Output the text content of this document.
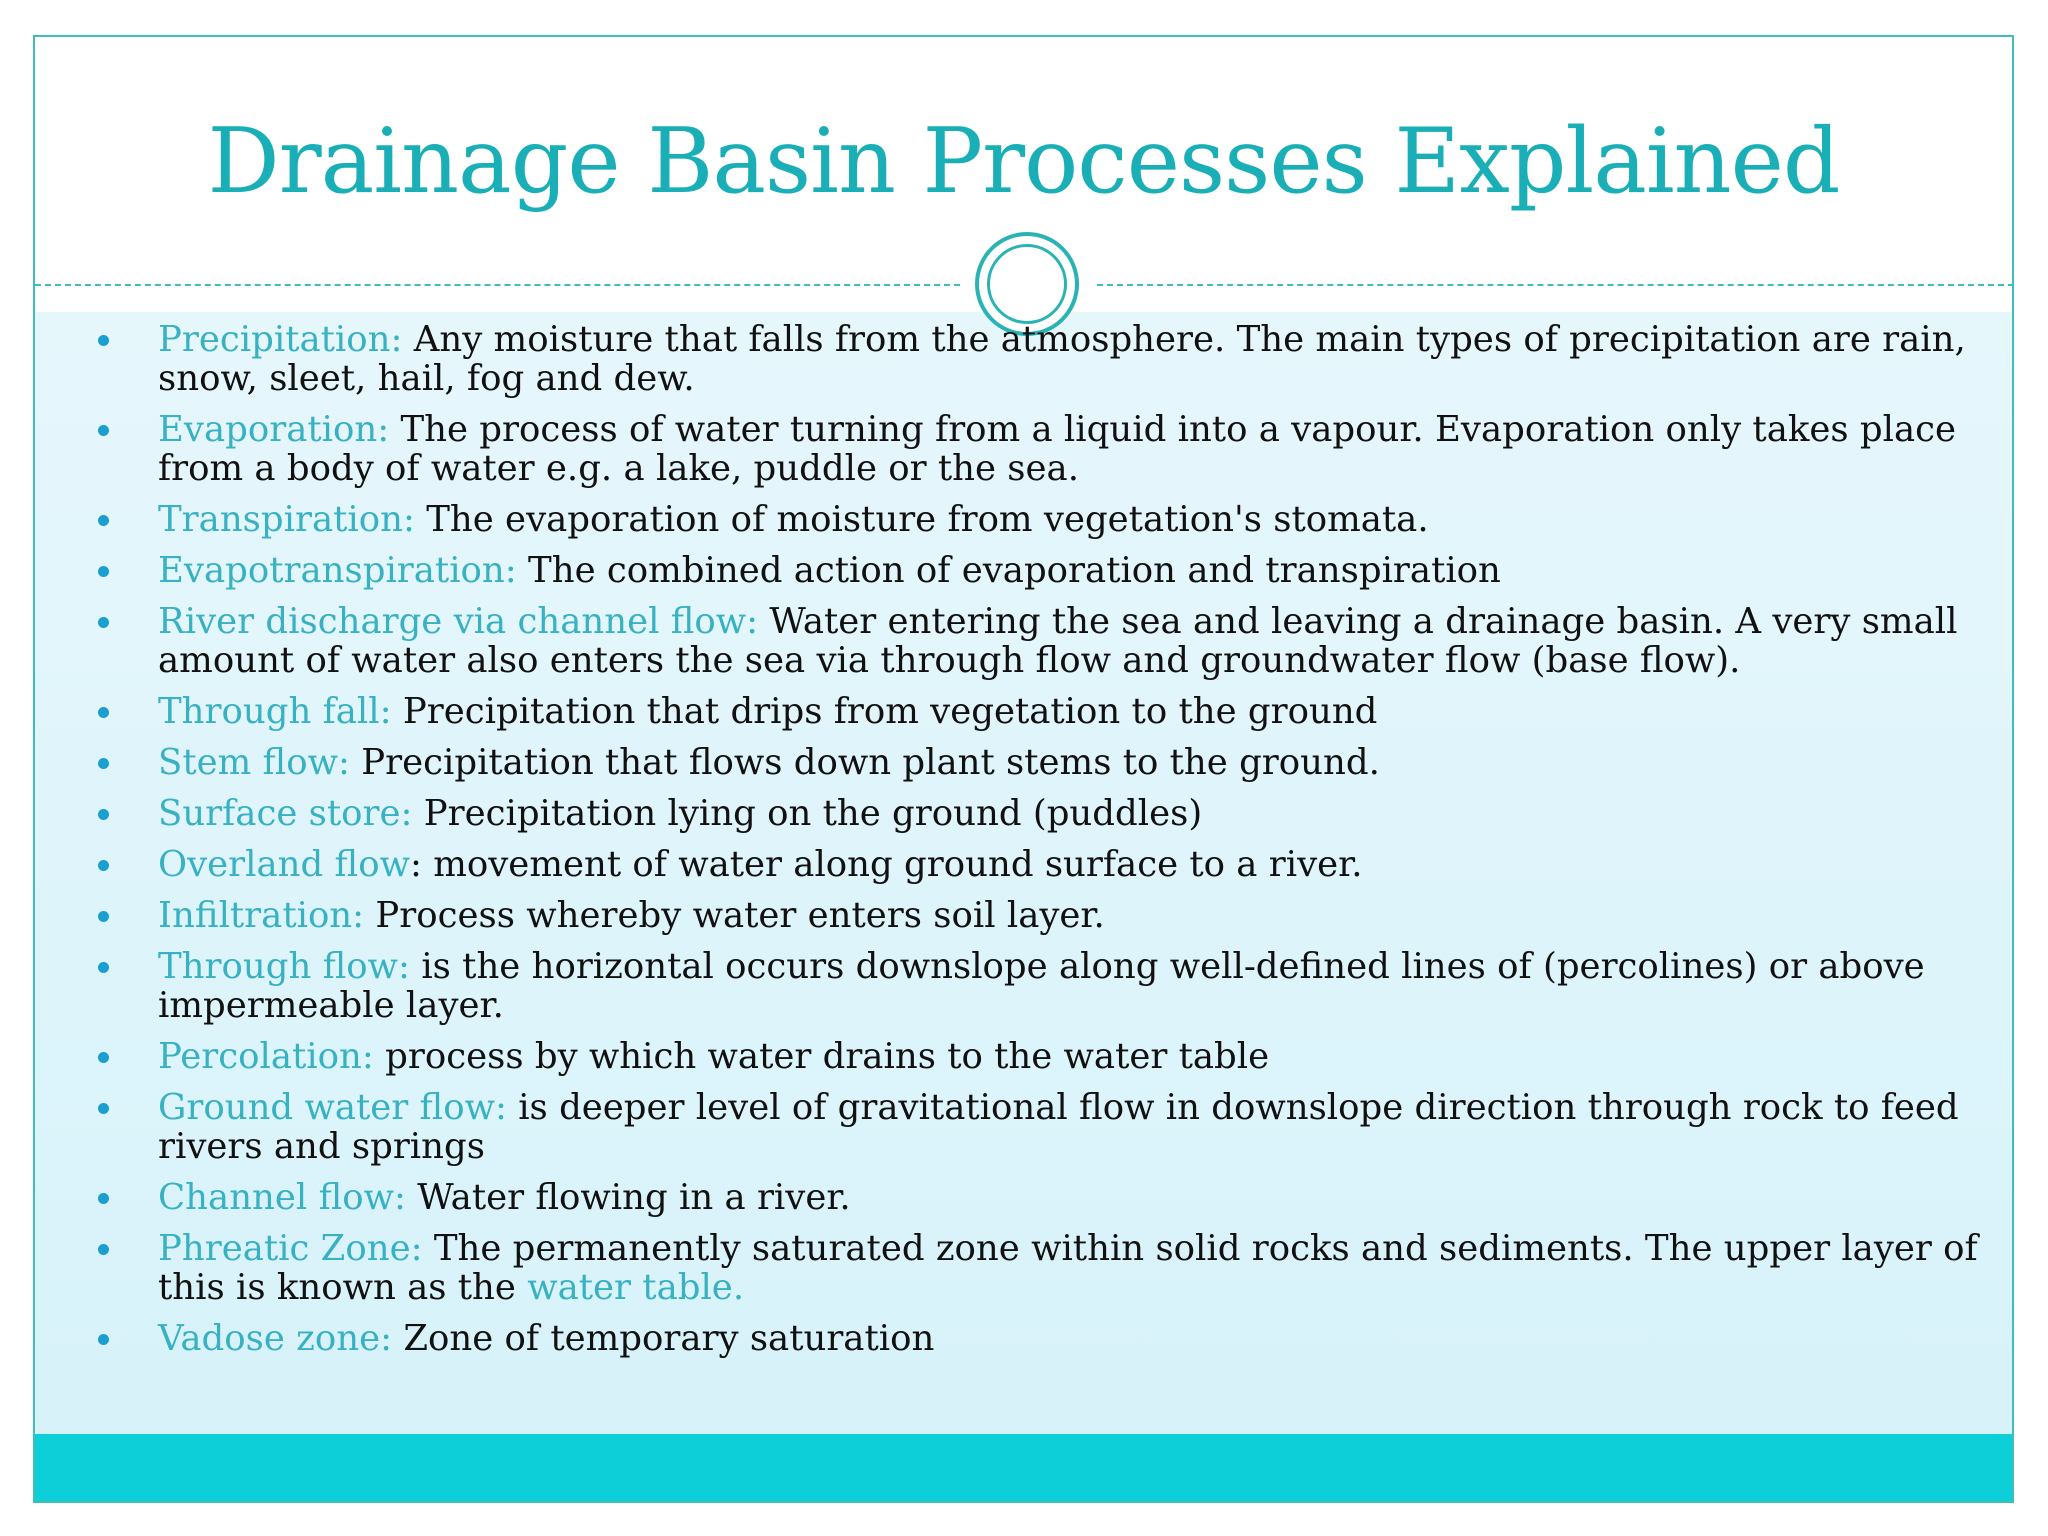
Drainage Basin Processes Explained
Precipitation: Any moisture that falls from the atmosphere. The main types of precipitation are rain, snow, sleet, hail, fog and dew.
Evaporation: The process of water turning from a liquid into a vapour. Evaporation only takes place from a body of water e.g. a lake, puddle or the sea.
Transpiration: The evaporation of moisture from vegetation's stomata.
Evapotranspiration: The combined action of evaporation and transpiration
River discharge via channel flow: Water entering the sea and leaving a drainage basin. A very small amount of water also enters the sea via through flow and groundwater flow (base flow).
Through fall: Precipitation that drips from vegetation to the ground
Stem flow: Precipitation that flows down plant stems to the ground.
Surface store: Precipitation lying on the ground (puddles)
Overland flow: movement of water along ground surface to a river.
Infiltration: Process whereby water enters soil layer.
Through flow: is the horizontal occurs downslope along well-defined lines of (percolines) or above impermeable layer.
Percolation: process by which water drains to the water table
Ground water flow: is deeper level of gravitational flow in downslope direction through rock to feed rivers and springs
Channel flow: Water flowing in a river.
Phreatic Zone: The permanently saturated zone within solid rocks and sediments. The upper layer of this is known as the water table.
Vadose zone: Zone of temporary saturation
